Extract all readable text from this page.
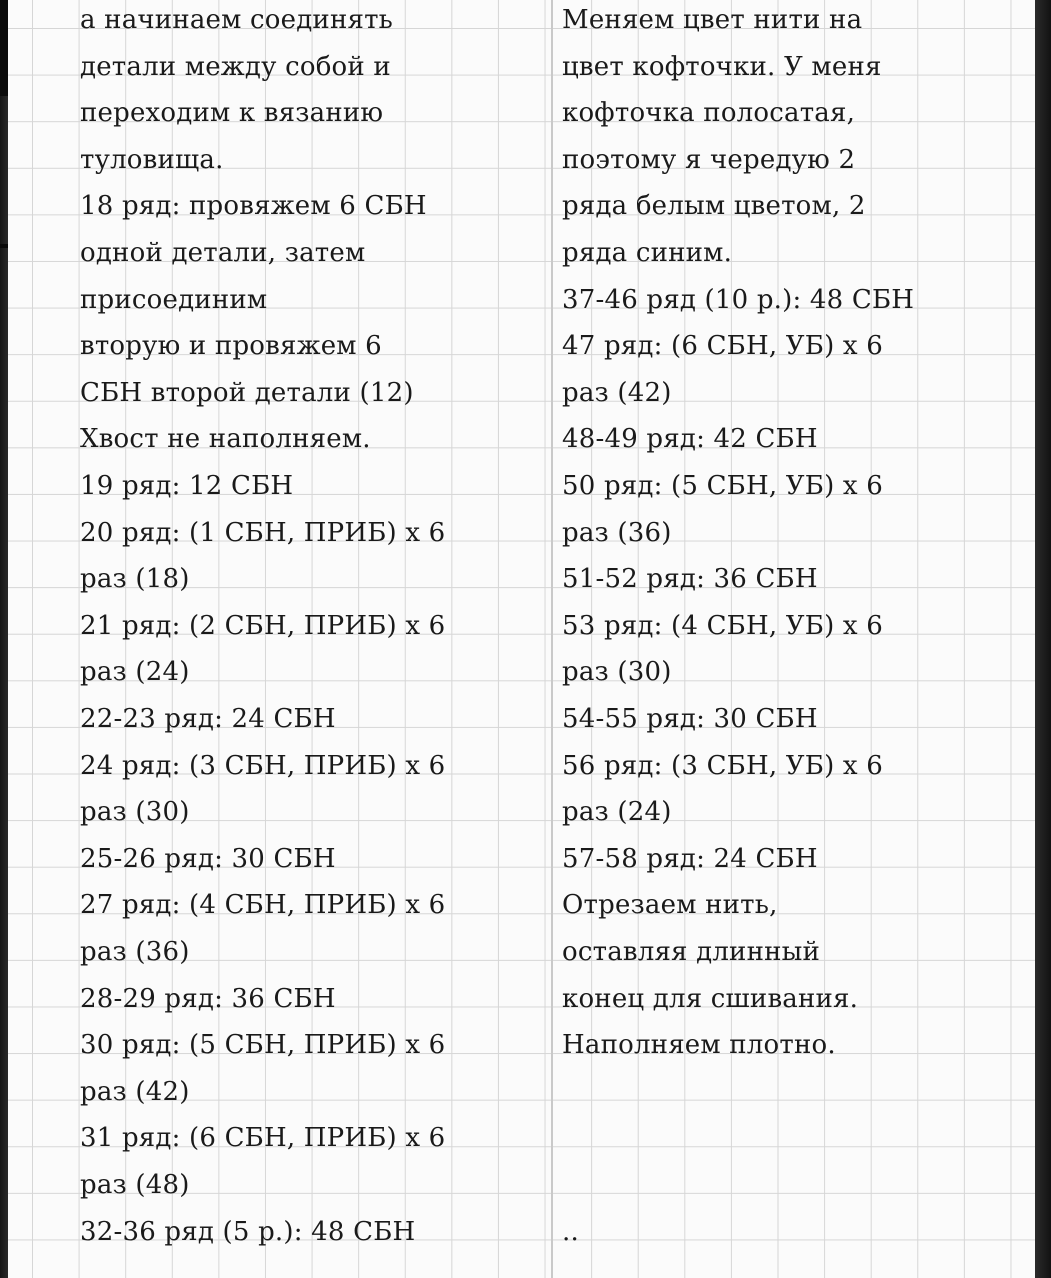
а начинаем соединять
детали между собой и
переходим к вязанию
туловища.
18 ряд: провяжем 6 СБН
одной детали, затем
присоединим
вторую и провяжем 6
СБН второй детали (12)
Хвост не наполняем.
19 ряд: 12 СБН
20 ряд: (1 СБН, ПРИБ) х 6
раз (18)
21 ряд: (2 СБН, ПРИБ) х 6
раз (24)
22-23 ряд: 24 СБН
24 ряд: (3 СБН, ПРИБ) х 6
раз (30)
25-26 ряд: 30 СБН
27 ряд: (4 СБН, ПРИБ) х 6
раз (36)
28-29 ряд: 36 СБН
30 ряд: (5 СБН, ПРИБ) х 6
раз (42)
31 ряд: (6 СБН, ПРИБ) х 6
раз (48)
32-36 ряд (5 р.): 48 СБН
Меняем цвет нити на
цвет кофточки. У меня
кофточка полосатая,
поэтому я чередую 2
ряда белым цветом, 2
ряда синим.
37-46 ряд (10 р.): 48 СБН
47 ряд: (6 СБН, УБ) х 6
раз (42)
48-49 ряд: 42 СБН
50 ряд: (5 СБН, УБ) х 6
раз (36)
51-52 ряд: 36 СБН
53 ряд: (4 СБН, УБ) х 6
раз (30)
54-55 ряд: 30 СБН
56 ряд: (3 СБН, УБ) х 6
раз (24)
57-58 ряд: 24 СБН
Отрезаем нить,
оставляя длинный
конец для сшивания.
Наполняем плотно.
..
